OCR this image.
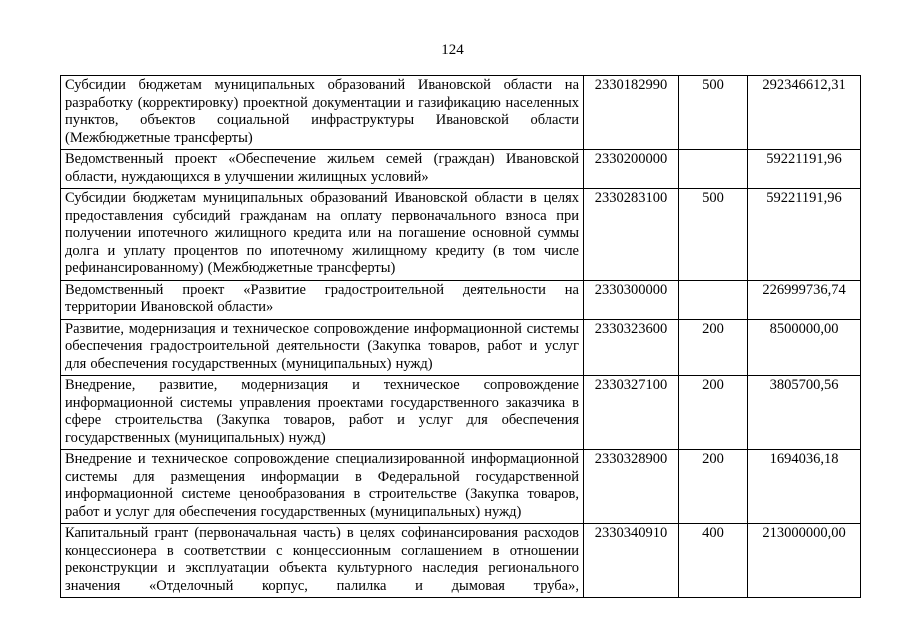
124
Субсидии бюджетам муниципальных образований Ивановской области на разработку (корректировку) проектной документации и газификацию населенных пунктов, объектов социальной инфраструктуры Ивановской области (Межбюджетные трансферты)	2330182990	500	292346612,31
Ведомственный проект «Обеспечение жильем семей (граждан) Ивановской области, нуждающихся в улучшении жилищных условий»	2330200000		59221191,96
Субсидии бюджетам муниципальных образований Ивановской области в целях предоставления субсидий гражданам на оплату первоначального взноса при получении ипотечного жилищного кредита или на погашение основной суммы долга и уплату процентов по ипотечному жилищному кредиту (в том числе рефинансированному) (Межбюджетные трансферты)	2330283100	500	59221191,96
Ведомственный проект «Развитие градостроительной деятельности на территории Ивановской области»	2330300000		226999736,74
Развитие, модернизация и техническое сопровождение информационной системы обеспечения градостроительной деятельности (Закупка товаров, работ и услуг для обеспечения государственных (муниципальных) нужд)	2330323600	200	8500000,00
Внедрение, развитие, модернизация и техническое сопровождение информационной системы управления проектами государственного заказчика в сфере строительства (Закупка товаров, работ и услуг для обеспечения государственных (муниципальных) нужд)	2330327100	200	3805700,56
Внедрение и техническое сопровождение специализированной информационной системы для размещения информации в Федеральной государственной информационной системе ценообразования в строительстве (Закупка товаров, работ и услуг для обеспечения государственных (муниципальных) нужд)	2330328900	200	1694036,18
Капитальный грант (первоначальная часть) в целях софинансирования расходов концессионера в соответствии с концессионным соглашением в отношении реконструкции и эксплуатации объекта культурного наследия регионального значения «Отделочный корпус, палилка и дымовая труба»,	2330340910	400	213000000,00
